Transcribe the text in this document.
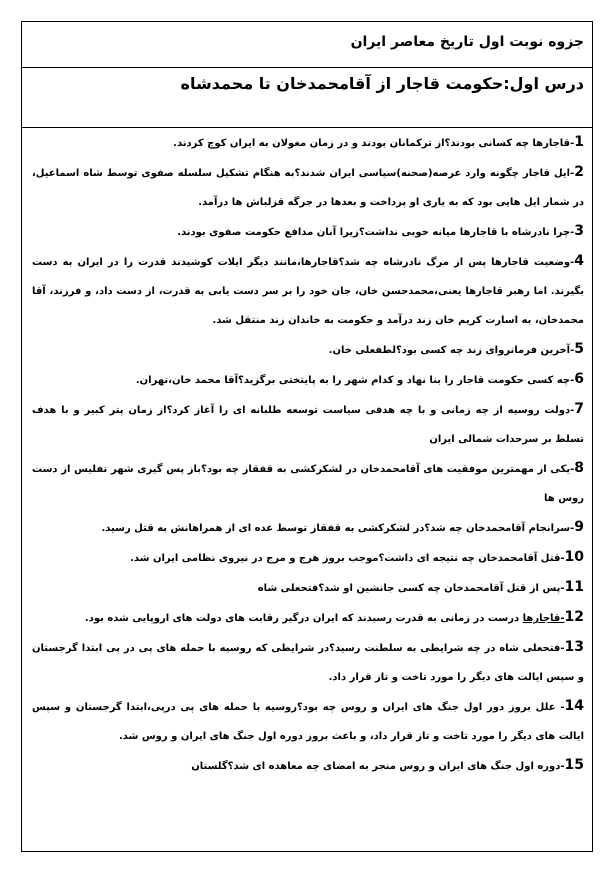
جزوه نوبت اول تاریخ معاصر ایران
درس اول:حکومت قاجار از آقامحمدخان تا محمدشاه
1-قاجارها چه کسانی بودند؟از ترکمانان بودند و در زمان مغولان به ایران کوچ کردند.
2-ایل قاجار چگونه وارد عرصه(صحنه)سیاسی ایران شدند؟به هنگام تشکیل سلسله صفوی توسط شاه اسماعیل، در شمار ایل هایی بود که به یاری او پرداخت و بعدها در جرگه قزلباش ها درآمد.
3-چرا نادرشاه با قاجارها میانه خوبی نداشت؟زیرا آنان مدافع حکومت صفوی بودند.
4-وضعیت قاجارها پس از مرگ نادرشاه چه شد؟قاجارها،مانند دیگر ایلات کوشیدند قدرت را در ایران به دست بگیرند. اما رهبر قاجارها یعنی،محمدحسن خان، جان خود را بر سر دست یابی به قدرت، از دست داد، و فرزند، آقا محمدخان، به اسارت کریم خان زند درآمد و حکومت به خاندان زند منتقل شد.
5-آخرین فرمانروای زند چه کسی بود؟لطفعلی خان.
6-چه کسی حکومت قاجار را بنا نهاد و کدام شهر را به پایتختی برگزید؟آقا محمد خان،تهران.
7-دولت روسیه از چه زمانی و با چه هدفی سیاست توسعه طلبانه ای را آغاز کرد؟از زمان پتر کبیر و با هدف تسلط بر سرحدات شمالی ایران
8-یکی از مهمترین موفقیت های آقامحمدخان در لشکرکشی به قفقاز چه بود؟باز پس گیری شهر تفلیس از دست روس ها
9-سرانجام آقامحمدخان چه شد؟در لشکرکشی به قفقاز توسط عده ای از همراهانش به قتل رسید.
10-قتل آقامحمدخان چه نتیجه ای داشت؟موجب بروز هرج و مرج در نیروی نظامی ایران شد.
11-پس از قتل آقامحمدخان چه کسی جانشین او شد؟فتحعلی شاه
12-قاجارها درست در زمانی به قدرت رسیدند که ایران درگیر رقابت های دولت های اروپایی شده بود.
13-فتحعلی شاه در چه شرایطی به سلطنت رسید؟در شرایطی که روسیه با حمله های پی در پی ابتدا گرجستان و سپس ایالت های دیگر را مورد تاخت و تاز قرار داد.
14- علل بروز دور اول جنگ های ایران و روس چه بود؟روسیه با حمله های پی درپی،ابتدا گرجستان و سپس ایالت های دیگر را مورد تاخت و تاز قرار داد، و باعث بروز دوره اول جنگ های ایران و روس شد.
15-دوره اول جنگ های ایران و روس منجر به امضای چه معاهده ای شد؟گلستان
